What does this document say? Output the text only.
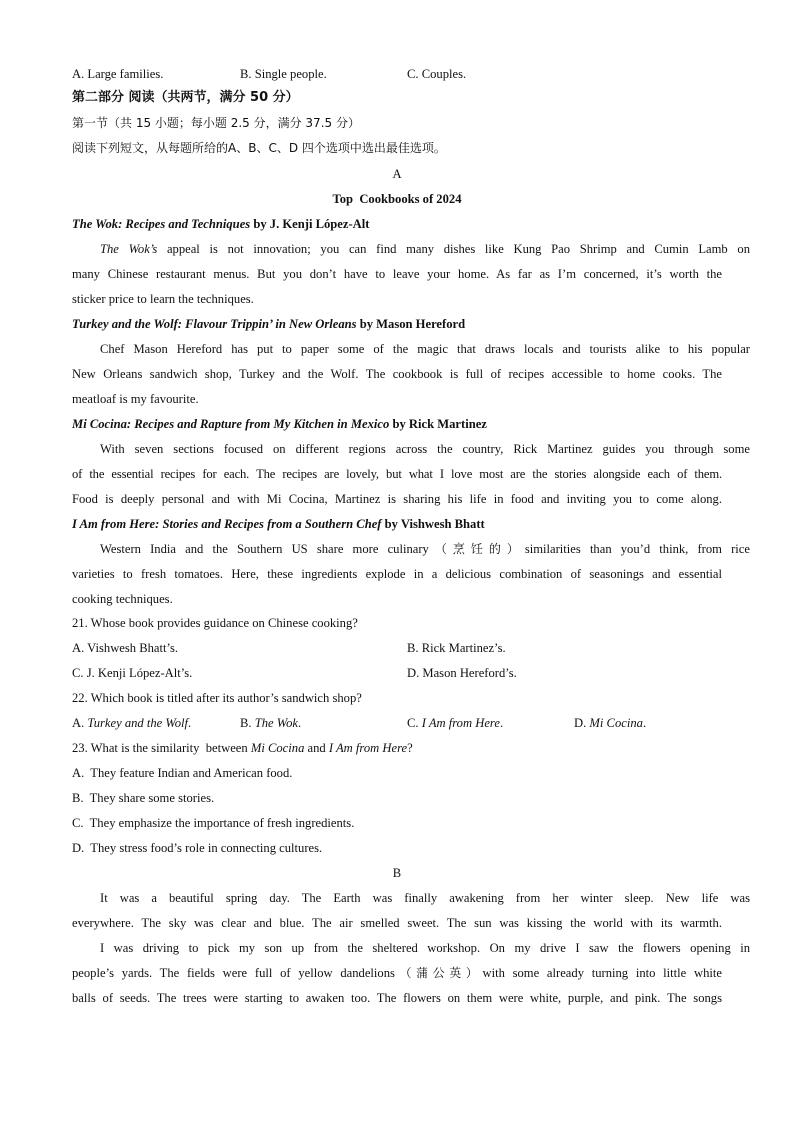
A. Large families.	B. Single people.	C. Couples.
第二部分 阅读（共两节，满分 50 分）
第一节（共 15 小题；每小题 2.5 分，满分 37.5 分）
阅读下列短文，从每题所给的A、B、C、D 四个选项中选出最佳选项。
A
Top  Cookbooks of 2024
The Wok: Recipes and Techniques by J. Kenji López-Alt
The Wok’s appeal is not innovation; you can find many dishes like Kung Pao Shrimp and Cumin Lamb on
many Chinese restaurant menus. But you don’t have to leave your home. As far as I’m concerned, it’s worth the
sticker price to learn the techniques.
Turkey and the Wolf: Flavour Trippin’ in New Orleans by Mason Hereford
Chef Mason Hereford has put to paper some of the magic that draws locals and tourists alike to his popular
New Orleans sandwich shop, Turkey and the Wolf. The cookbook is full of recipes accessible to home cooks. The
meatloaf is my favourite.
Mi Cocina: Recipes and Rapture from My Kitchen in Mexico by Rick Martinez
With seven sections focused on different regions across the country, Rick Martinez guides you through some
of the essential recipes for each. The recipes are lovely, but what I love most are the stories alongside each of them.
Food is deeply personal and with Mi Cocina, Martinez is sharing his life in food and inviting you to come along.
I Am from Here: Stories and Recipes from a Southern Chef by Vishwesh Bhatt
Western India and the Southern US share more culinary（烹饪的）similarities than you’d think, from rice
varieties to fresh tomatoes. Here, these ingredients explode in a delicious combination of seasonings and essential
cooking techniques.
21. Whose book provides guidance on Chinese cooking?
A. Vishwesh Bhatt’s.	B. Rick Martinez’s.
C. J. Kenji López-Alt’s.	D. Mason Hereford’s.
22. Which book is titled after its author’s sandwich shop?
A. Turkey and the Wolf.	B. The Wok.	C. I Am from Here.	D. Mi Cocina.
23. What is the similarity  between Mi Cocina and I Am from Here?
A.  They feature Indian and American food.
B.  They share some stories.
C.  They emphasize the importance of fresh ingredients.
D.  They stress food’s role in connecting cultures.
B
It was a beautiful spring day. The Earth was finally awakening from her winter sleep. New life was
everywhere. The sky was clear and blue. The air smelled sweet. The sun was kissing the world with its warmth.
I was driving to pick my son up from the sheltered workshop. On my drive I saw the flowers opening in
people’s yards. The fields were full of yellow dandelions（蒲公英）with some already turning into little white
balls of seeds. The trees were starting to awaken too. The flowers on them were white, purple, and pink. The songs
